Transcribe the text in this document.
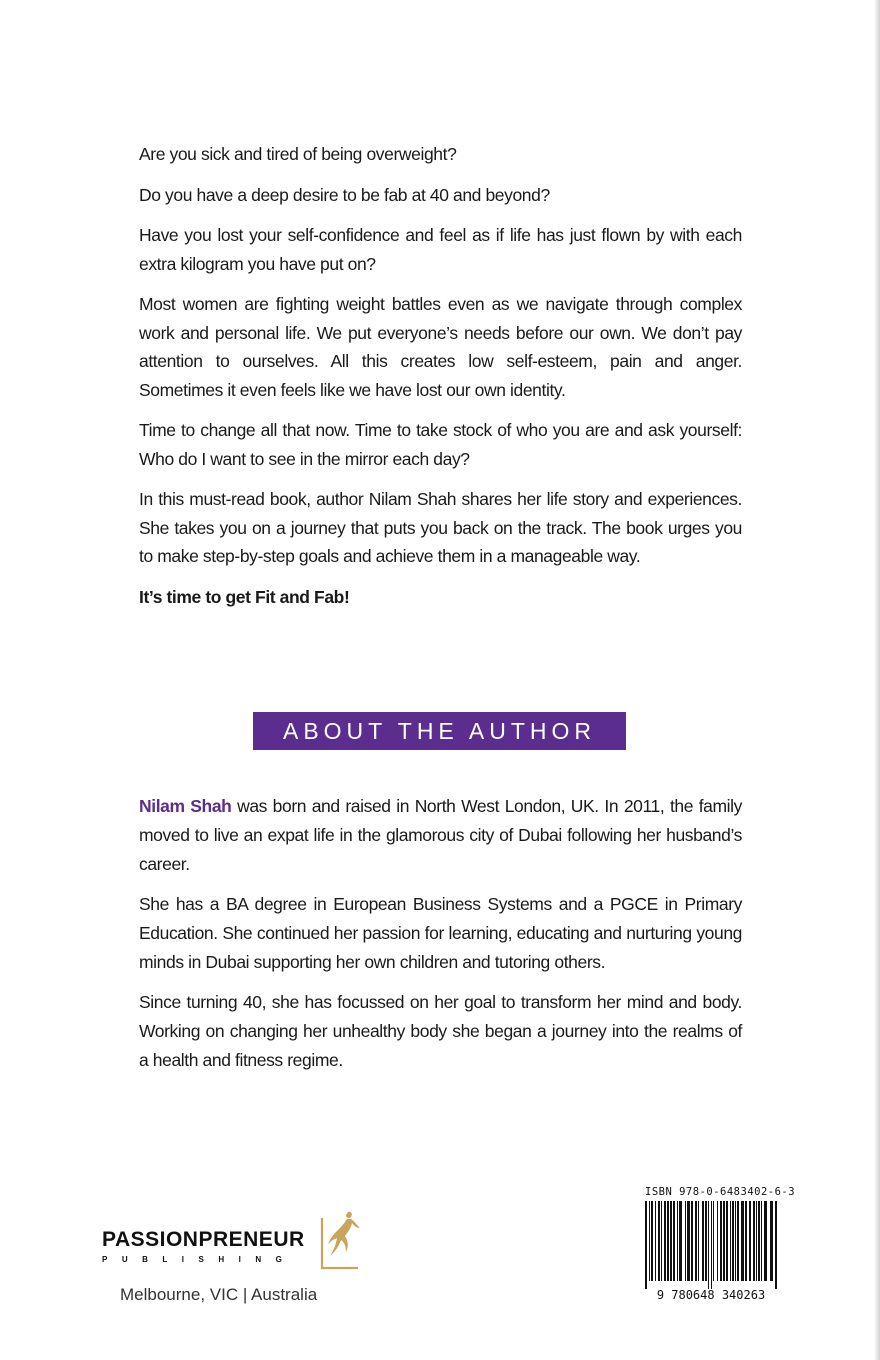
Are you sick and tired of being overweight?

Do you have a deep desire to be fab at 40 and beyond?

Have you lost your self-confidence and feel as if life has just flown by with each extra kilogram you have put on?

Most women are fighting weight battles even as we navigate through complex work and personal life. We put everyone’s needs before our own. We don’t pay attention to ourselves. All this creates low self-esteem, pain and anger. Sometimes it even feels like we have lost our own identity.

Time to change all that now. Time to take stock of who you are and ask yourself: Who do I want to see in the mirror each day?

In this must-read book, author Nilam Shah shares her life story and experiences. She takes you on a journey that puts you back on the track. The book urges you to make step-by-step goals and achieve them in a manageable way.

It’s time to get Fit and Fab!

ABOUT THE AUTHOR

Nilam Shah was born and raised in North West London, UK. In 2011, the family moved to live an expat life in the glamorous city of Dubai following her husband’s career.

She has a BA degree in European Business Systems and a PGCE in Primary Education. She continued her passion for learning, educating and nurturing young minds in Dubai supporting her own children and tutoring others.

Since turning 40, she has focussed on her goal to transform her mind and body. Working on changing her unhealthy body she began a journey into the realms of a health and fitness regime.

PASSIONPRENEUR
PUBLISHING
Melbourne, VIC | Australia
ISBN 978-0-6483402-6-3
9 780648 340263
